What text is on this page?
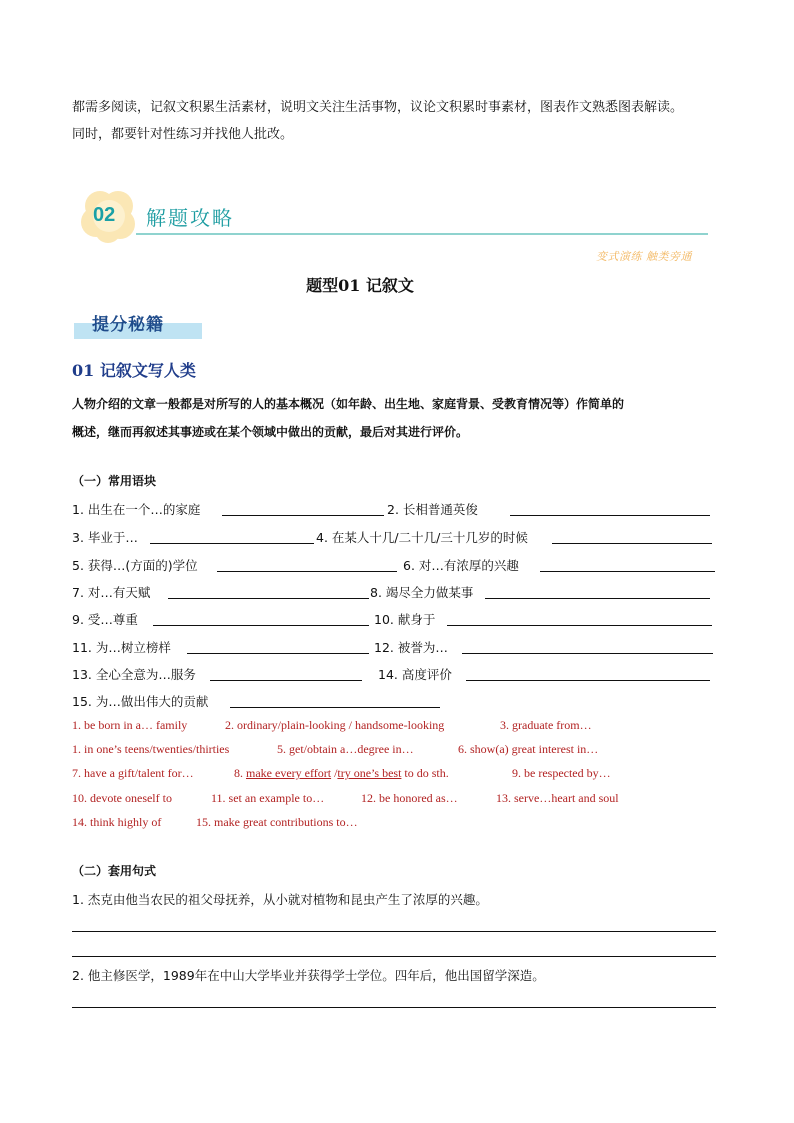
都需多阅读，记叙文积累生活素材，说明文关注生活事物，议论文积累时事素材，图表作文熟悉图表解读。
同时，都要针对性练习并找他人批改。
02 解题攻略
变式演练 触类旁通
题型01 记叙文
提分秘籍
01 记叙文写人类
人物介绍的文章一般都是对所写的人的基本概况（如年龄、出生地、家庭背景、受教育情况等）作简单的
概述，继而再叙述其事迹或在某个领域中做出的贡献，最后对其进行评价。
（一）常用语块
1. 出生在一个…的家庭	2. 长相普通英俊
3. 毕业于…	4. 在某人十几/二十几/三十几岁的时候
5. 获得…(方面的)学位	6. 对…有浓厚的兴趣
7. 对…有天赋	8. 竭尽全力做某事
9. 受…尊重	10. 献身于
11. 为…树立榜样	12. 被誉为…
13. 全心全意为…服务	14. 高度评价
15. 为…做出伟大的贡献
1. be born in a… family	2. ordinary/plain-looking / handsome-looking	3. graduate from…
1. in one’s teens/twenties/thirties	5. get/obtain a…degree in…	6. show(a) great interest in…
7. have a gift/talent for…	8. make every effort /try one’s best to do sth.	9. be respected by…
10. devote oneself to	11. set an example to…	12. be honored as…	13. serve…heart and soul
14. think highly of	15. make great contributions to…
（二）套用句式
1. 杰克由他当农民的祖父母抚养，从小就对植物和昆虫产生了浓厚的兴趣。
2. 他主修医学，1989年在中山大学毕业并获得学士学位。四年后，他出国留学深造。
